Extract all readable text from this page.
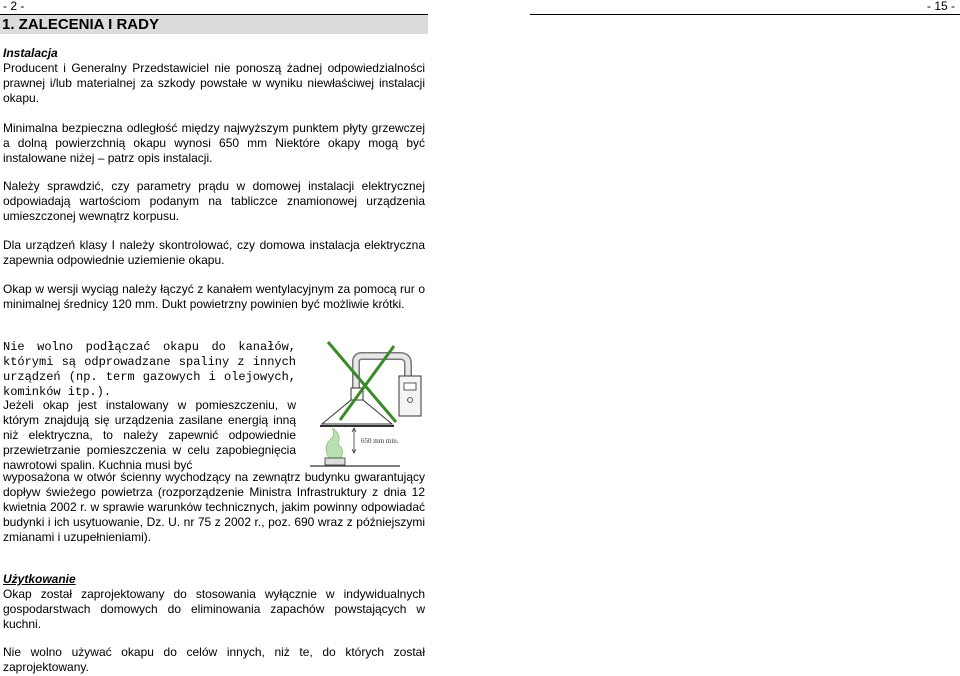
- 2 -	- 15 -
1. ZALECENIA I RADY

Instalacja

Producent i Generalny Przedstawiciel nie ponoszą żadnej odpowiedzialności prawnej i/lub materialnej za szkody powstałe w wyniku niewłaściwej instalacji okapu.

Minimalna bezpieczna odległość między najwyższym punktem płyty grzewczej a dolną powierzchnią okapu wynosi 650 mm Niektóre okapy mogą być instalowane niżej – patrz opis instalacji.

Należy sprawdzić, czy parametry prądu w domowej instalacji elektrycznej odpowiadają wartościom podanym na tabliczce znamionowej urządzenia umieszczonej wewnątrz korpusu.

Dla urządzeń klasy I należy skontrolować, czy domowa instalacja elektryczna zapewnia odpowiednie uziemienie okapu.

Okap w wersji wyciąg należy łączyć z kanałem wentylacyjnym za pomocą rur o minimalnej średnicy 120 mm. Dukt powietrzny powinien być możliwie krótki.

Nie wolno podłączać okapu do kanałów, którymi są odprowadzane spaliny z innych urządzeń (np. term gazowych i olejowych, kominków itp.).

Jeżeli okap jest instalowany w pomieszczeniu, w którym znajdują się urządzenia zasilane energią inną niż elektryczna, to należy zapewnić odpowiednie przewietrzanie pomieszczenia w celu zapobiegnięcia nawrotowi spalin. Kuchnia musi być

wyposażona w otwór ścienny wychodzący na zewnątrz budynku gwarantujący dopływ świeżego powietrza (rozporządzenie Ministra Infrastruktury z dnia 12 kwietnia 2002 r. w sprawie warunków technicznych, jakim powinny odpowiadać budynki i ich usytuowanie, Dz. U. nr 75 z 2002 r., poz. 690 wraz z późniejszymi zmianami i uzupełnieniami).

Użytkowanie

Okap został zaprojektowany do stosowania wyłącznie w indywidualnych gospodarstwach domowych do eliminowania zapachów powstających w kuchni.

Nie wolno używać okapu do celów innych, niż te, do których został zaprojektowany.

650 mm min.
